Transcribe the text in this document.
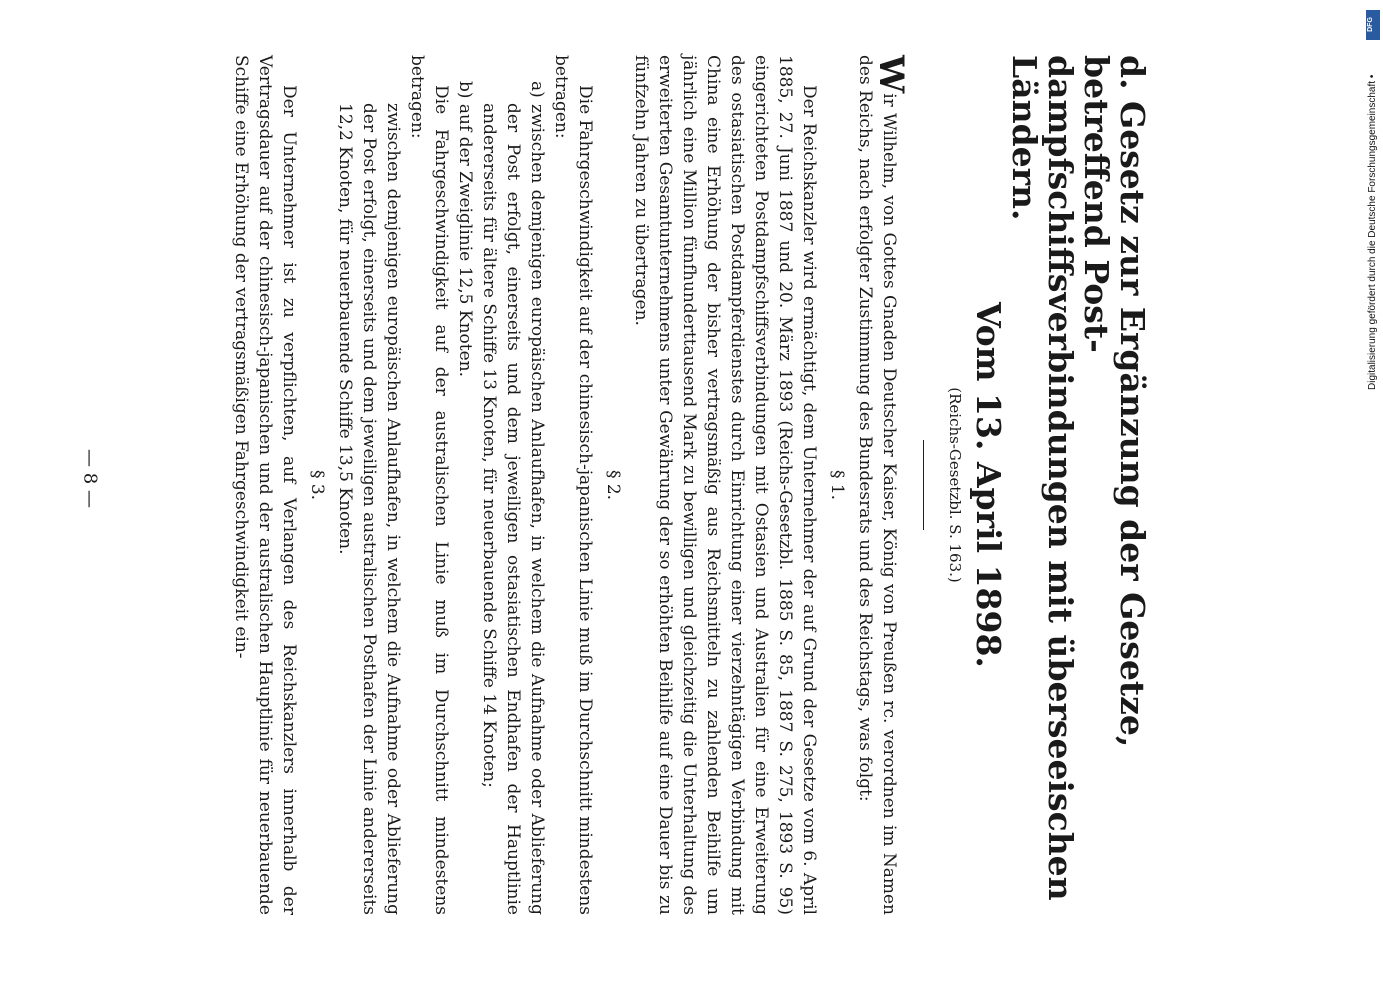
— 8 —	d. Gesetz zur Ergänzung der Gesetze, betreffend Post-
dampfschiffsverbindungen mit überseeischen Ländern.
Vom 13. April 1898.
(Reichs-Gesetzbl. S. 163.)

Wir Wilhelm, von Gottes Gnaden Deutscher Kaiser, König von Preußen rc. verordnen im Namen des Reichs, nach erfolgter Zustimmung des Bundesrats und des Reichstags, was folgt:

§ 1.

Der Reichskanzler wird ermächtigt, dem Unternehmer der auf Grund der Gesetze vom 6. April 1885, 27. Juni 1887 und 20. März 1893 (Reichs-Gesetzbl. 1885 S. 85, 1887 S. 275, 1893 S. 95) eingerichteten Postdampfschiffsverbindungen mit Ostasien und Australien für eine Erweiterung des ostasiatischen Postdampferdienstes durch Einrichtung einer vierzehntägigen Verbindung mit China eine Erhöhung der bisher vertragsmäßig aus Reichsmitteln zu zahlenden Beihilfe um jährlich eine Million fünfhunderttausend Mark zu bewilligen und gleichzeitig die Unterhaltung des erweiterten Gesamtunternehmens unter Gewährung der so erhöhten Beihilfe auf eine Dauer bis zu fünfzehn Jahren zu übertragen.

§ 2.

Die Fahrgeschwindigkeit auf der chinesisch-japanischen Linie muß im Durchschnitt mindestens betragen:

a) zwischen demjenigen europäischen Anlaufhafen, in welchem die Aufnahme oder Ablieferung der Post erfolgt, einerseits und dem jeweiligen ostasiatischen Endhafen der Hauptlinie andererseits für ältere Schiffe 13 Knoten, für neuerbauende Schiffe 14 Knoten;
b) auf der Zweiglinie 12,5 Knoten.

Die Fahrgeschwindigkeit auf der australischen Linie muß im Durchschnitt mindestens betragen:

zwischen demjenigen europäischen Anlaufhafen, in welchem die Aufnahme oder Ablieferung der Post erfolgt, einerseits und dem jeweiligen australischen Posthafen der Linie andererseits 12,2 Knoten, für neuerbauende Schiffe 13,5 Knoten.
§ 3.

Der Unternehmer ist zu verpflichten, auf Verlangen des Reichskanzlers innerhalb der Vertragsdauer auf der chinesisch-japanischen und der australischen Hauptlinie für neuerbauende Schiffe eine Erhöhung der vertragsmäßigen Fahrgeschwindigkeit ein-	Digitalisierung gefördert durch die Deutsche Forschungsgemeinschaft •
DFG
